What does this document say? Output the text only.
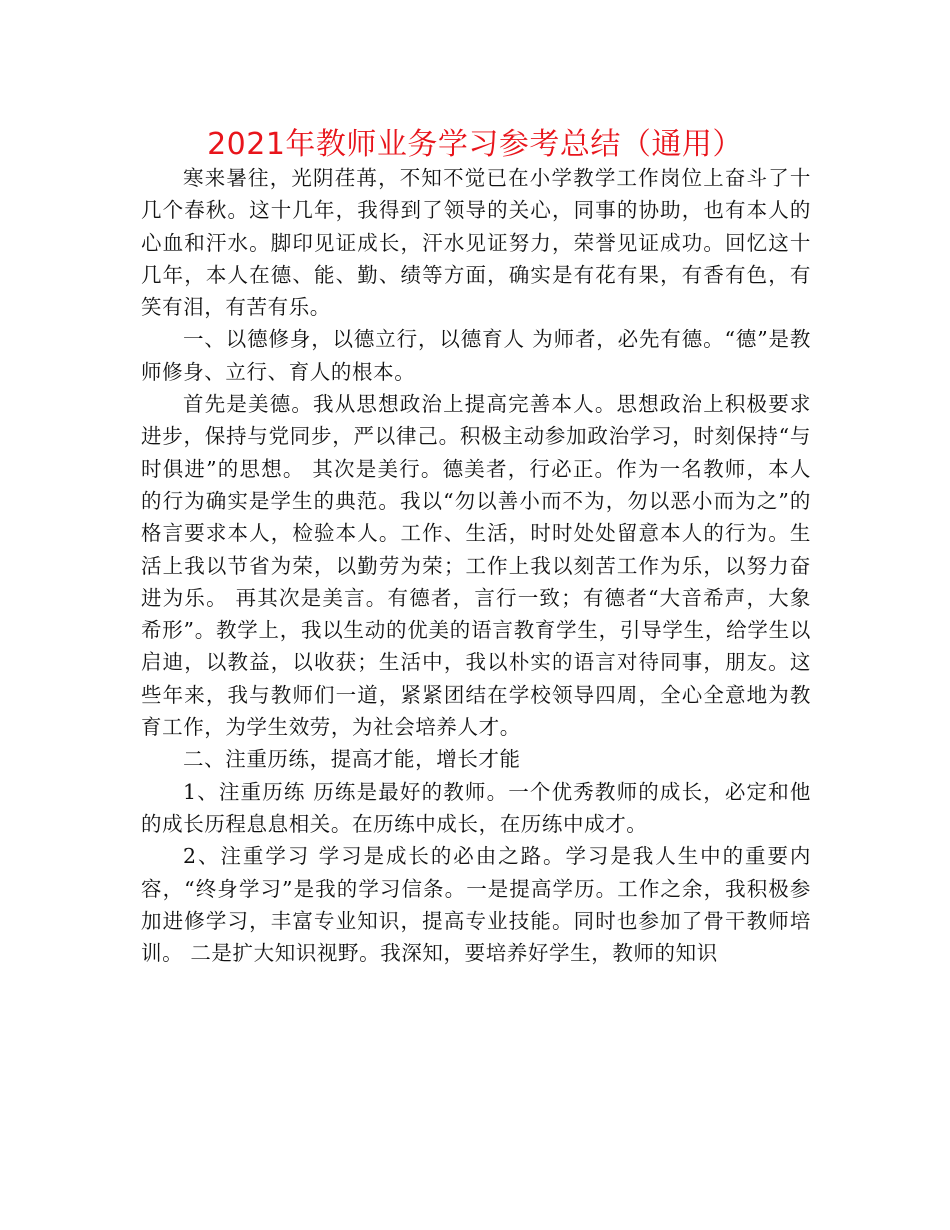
2021年教师业务学习参考总结（通用）

寒来暑往，光阴荏苒，不知不觉已在小学教学工作岗位上奋斗了十几个春秋。这十几年，我得到了领导的关心，同事的协助，也有本人的心血和汗水。脚印见证成长，汗水见证努力，荣誉见证成功。回忆这十几年，本人在德、能、勤、绩等方面，确实是有花有果，有香有色，有笑有泪，有苦有乐。

一、以德修身，以德立行，以德育人 为师者，必先有德。“德”是教师修身、立行、育人的根本。

首先是美德。我从思想政治上提高完善本人。思想政治上积极要求进步，保持与党同步，严以律己。积极主动参加政治学习，时刻保持“与时俱进”的思想。 其次是美行。德美者，行必正。作为一名教师，本人的行为确实是学生的典范。我以“勿以善小而不为，勿以恶小而为之”的格言要求本人，检验本人。工作、生活，时时处处留意本人的行为。生活上我以节省为荣，以勤劳为荣；工作上我以刻苦工作为乐，以努力奋进为乐。 再其次是美言。有德者，言行一致；有德者“大音希声，大象希形”。教学上，我以生动的优美的语言教育学生，引导学生，给学生以启迪，以教益，以收获；生活中，我以朴实的语言对待同事，朋友。这些年来，我与教师们一道，紧紧团结在学校领导四周，全心全意地为教育工作，为学生效劳，为社会培养人才。

二、注重历练，提高才能，增长才能

1、注重历练 历练是最好的教师。一个优秀教师的成长，必定和他的成长历程息息相关。在历练中成长，在历练中成才。

2、注重学习 学习是成长的必由之路。学习是我人生中的重要内容，“终身学习”是我的学习信条。一是提高学历。工作之余，我积极参加进修学习，丰富专业知识，提高专业技能。同时也参加了骨干教师培训。 二是扩大知识视野。我深知，要培养好学生，教师的知识
